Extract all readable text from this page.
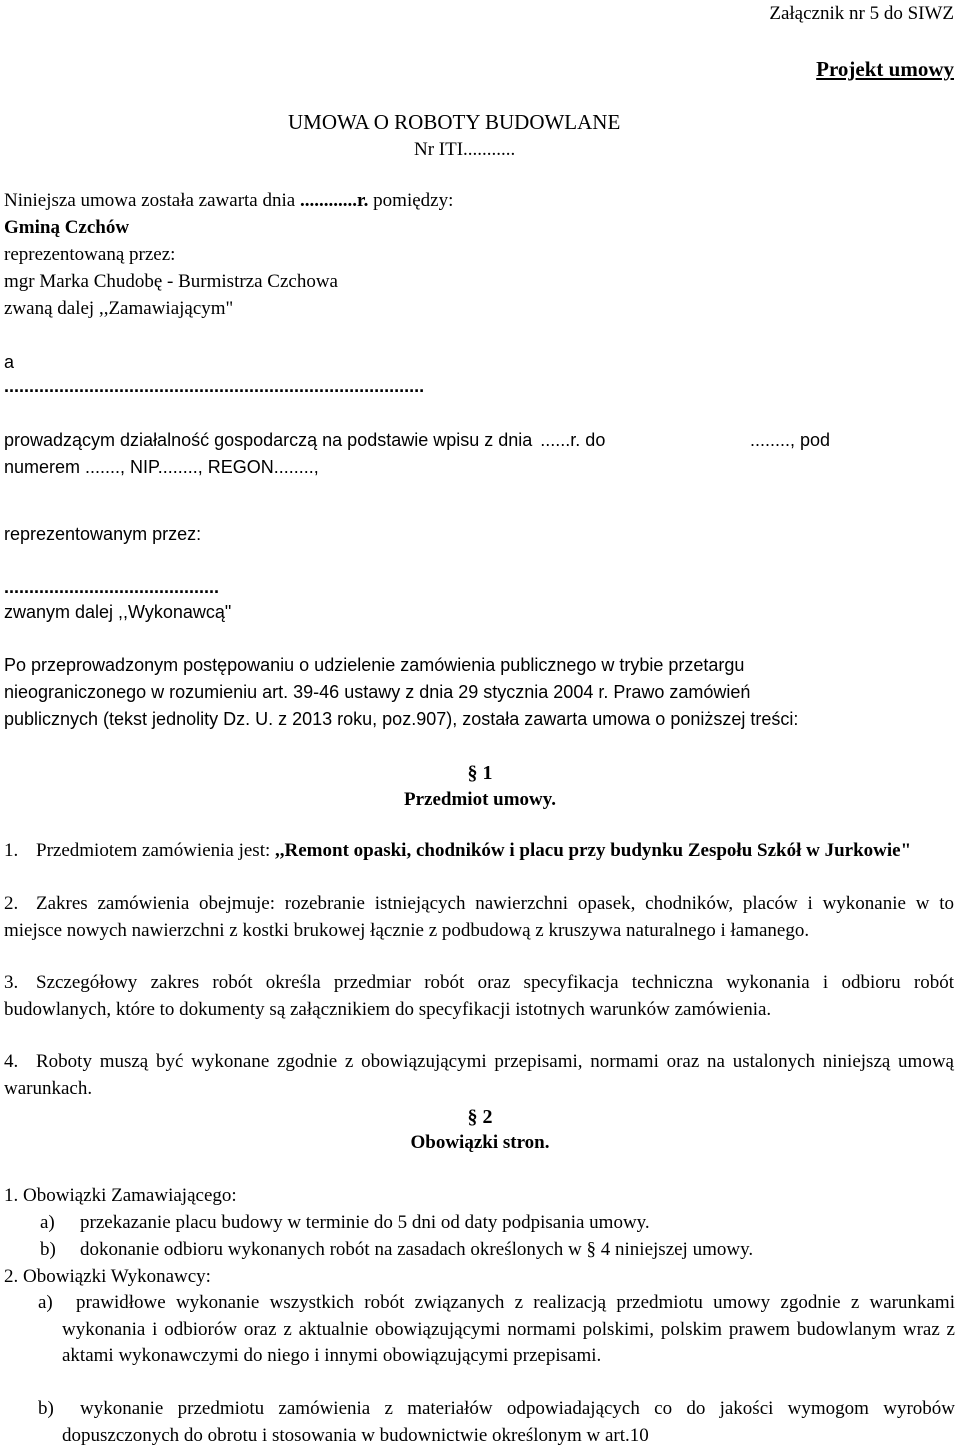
Załącznik nr 5 do SIWZ
Projekt umowy
UMOWA O ROBOTY BUDOWLANE
Nr ITI...........
Niniejsza umowa została zawarta dnia ............r. pomiędzy:
Gminą Czchów
reprezentowaną przez:
mgr Marka Chudobę - Burmistrza Czchowa
zwaną dalej ,,Zamawiającym"
a
....................................................................................
prowadzącym działalność gospodarczą na podstawie wpisu z dnia ......r. do	........, pod
numerem ......., NIP........, REGON........,
reprezentowanym przez:
...........................................
zwanym dalej ,,Wykonawcą"
Po przeprowadzonym postępowaniu o udzielenie zamówienia publicznego w trybie przetargu
nieograniczonego w rozumieniu art. 39-46 ustawy z dnia 29 stycznia 2004 r. Prawo zamówień
publicznych (tekst jednolity Dz. U. z 2013 roku, poz.907), została zawarta umowa o poniższej treści:
§ 1
Przedmiot umowy.
1. Przedmiotem zamówienia jest: ,,Remont opaski, chodników i placu przy budynku Zespołu Szkół w Jurkowie"
2. Zakres zamówienia obejmuje: rozebranie istniejących nawierzchni opasek, chodników, placów i wykonanie w to miejsce nowych nawierzchni z kostki brukowej łącznie z podbudową z kruszywa naturalnego i łamanego.
3. Szczegółowy zakres robót określa przedmiar robót oraz specyfikacja techniczna wykonania i odbioru robót budowlanych, które to dokumenty są załącznikiem do specyfikacji istotnych warunków zamówienia.
4. Roboty muszą być wykonane zgodnie z obowiązującymi przepisami, normami oraz na ustalonych niniejszą umową warunkach.
§ 2
Obowiązki stron.
1. Obowiązki Zamawiającego:
a) przekazanie placu budowy w terminie do 5 dni od daty podpisania umowy.
b) dokonanie odbioru wykonanych robót na zasadach określonych w § 4 niniejszej umowy.
2. Obowiązki Wykonawcy:
a)	prawidłowe wykonanie wszystkich robót związanych z realizacją przedmiotu umowy zgodnie z warunkami wykonania i odbiorów oraz z aktualnie obowiązującymi normami polskimi, polskim prawem budowlanym wraz z aktami wykonawczymi do niego i innymi obowiązującymi przepisami.
b)	wykonanie przedmiotu zamówienia z materiałów odpowiadających co do jakości wymogom wyrobów dopuszczonych do obrotu i stosowania w budownictwie określonym w art.10
